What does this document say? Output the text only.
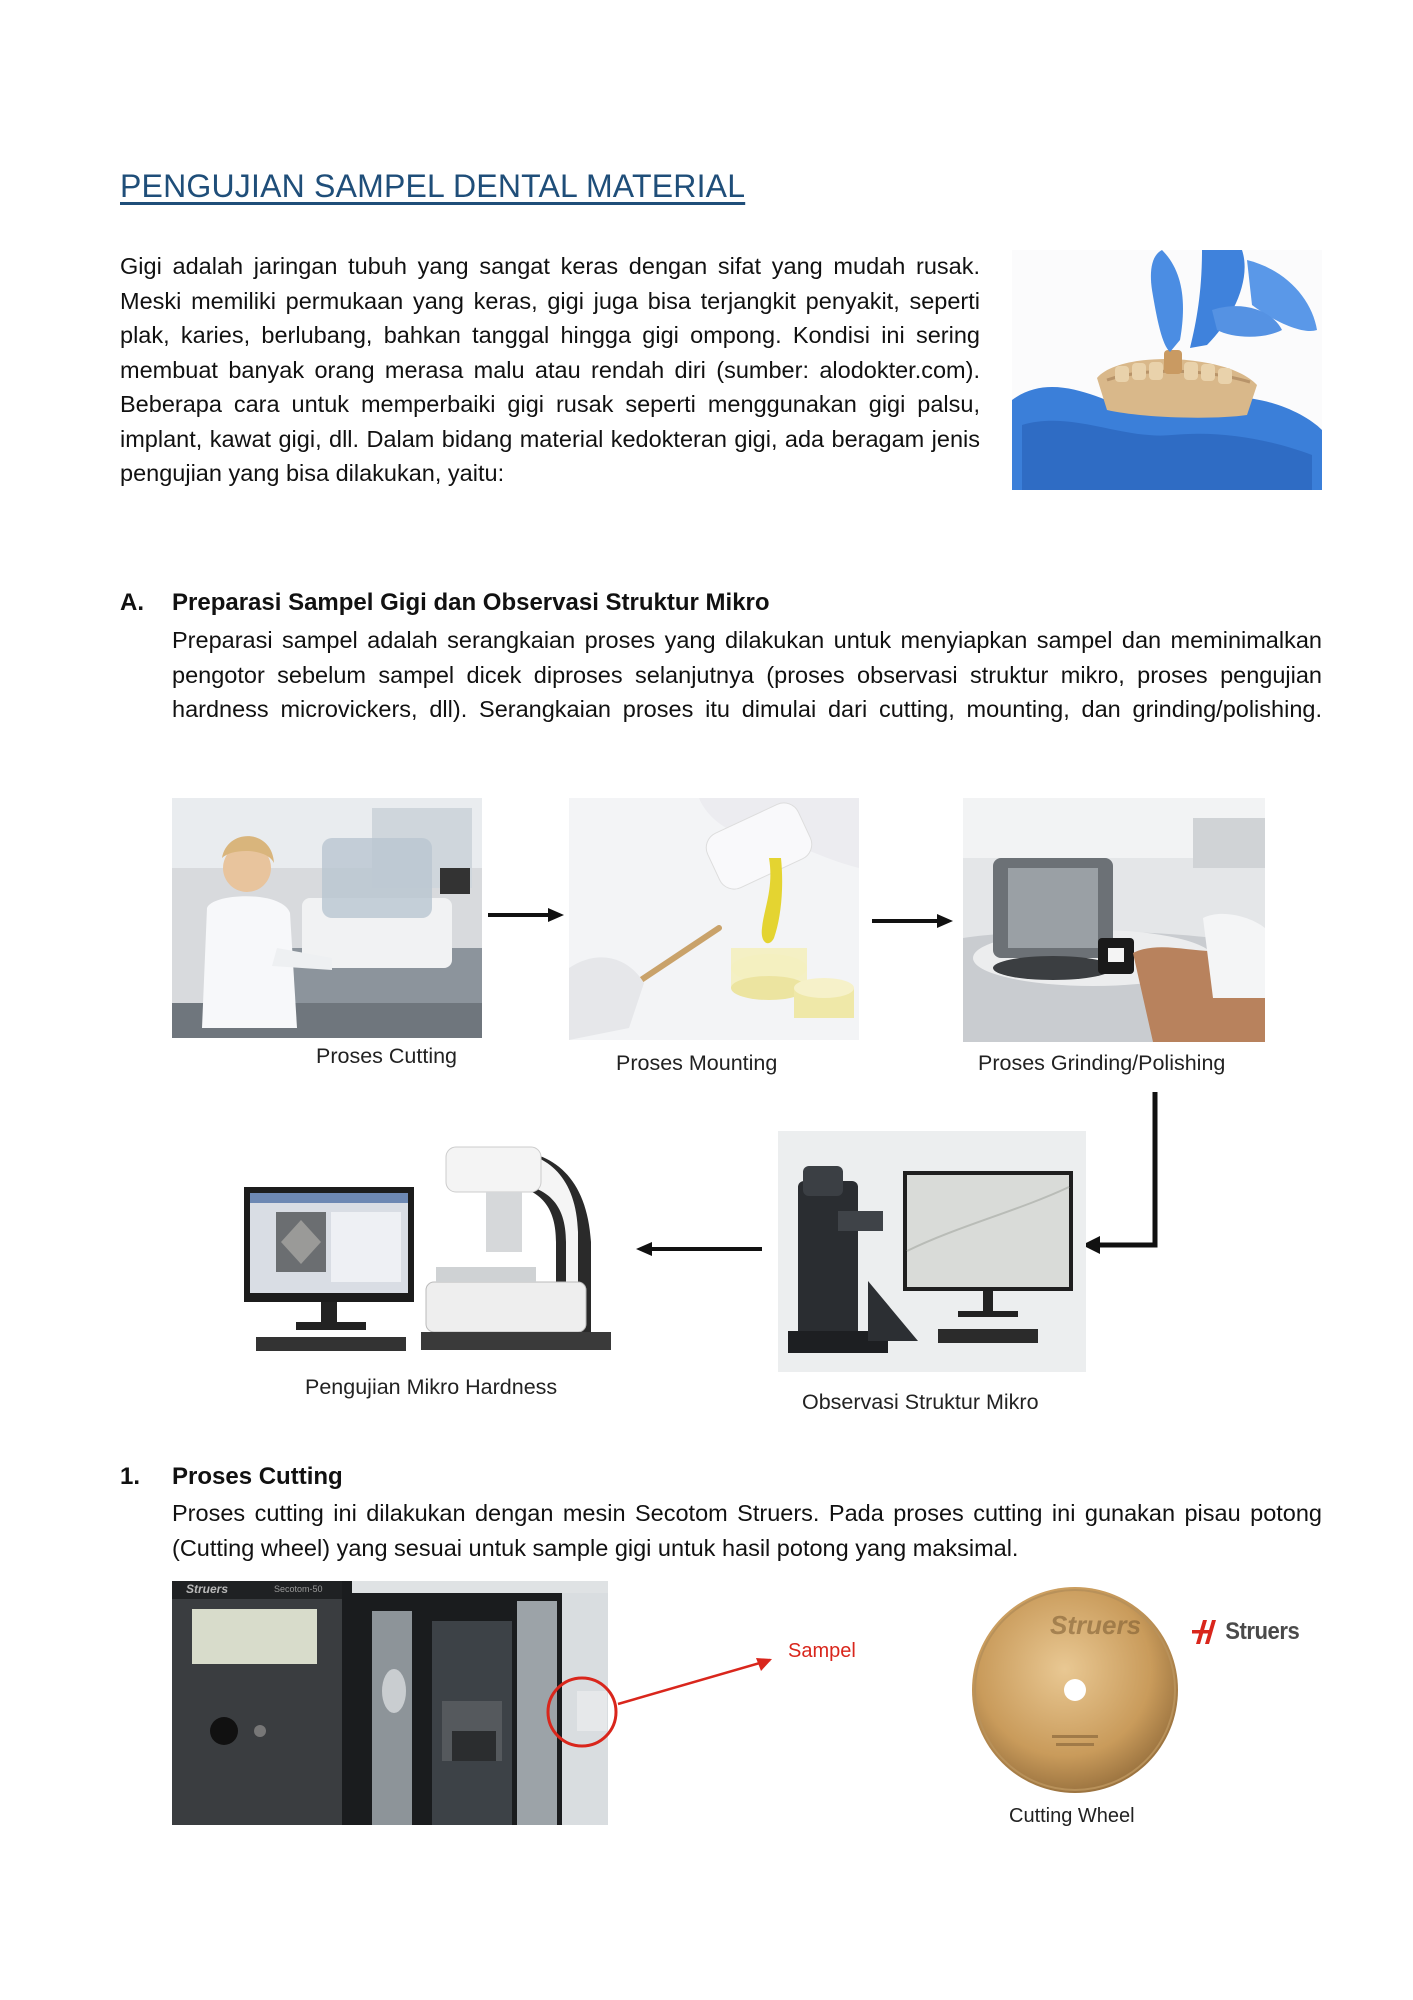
PENGUJIAN SAMPEL DENTAL MATERIAL

Gigi adalah jaringan tubuh yang sangat keras dengan sifat yang mudah rusak. Meski memiliki permukaan yang keras, gigi juga bisa terjangkit penyakit, seperti plak, karies, berlubang, bahkan tanggal hingga gigi ompong. Kondisi ini sering membuat banyak orang merasa malu atau rendah diri (sumber: alodokter.com). Beberapa cara untuk memperbaiki gigi rusak seperti menggunakan gigi palsu, implant, kawat gigi, dll. Dalam bidang material kedokteran gigi, ada beragam jenis pengujian yang bisa dilakukan, yaitu:

A. Preparasi Sampel Gigi dan Observasi Struktur Mikro

Preparasi sampel adalah serangkaian proses yang dilakukan untuk menyiapkan sampel dan meminimalkan pengotor sebelum sampel dicek diproses selanjutnya (proses observasi struktur mikro, proses pengujian hardness microvickers, dll). Serangkaian proses itu dimulai dari cutting, mounting, dan grinding/polishing.

Proses Cutting	Proses Mounting	Proses Grinding/Polishing
Pengujian Mikro Hardness
Observasi Struktur Mikro
1. Proses Cutting

Proses cutting ini dilakukan dengan mesin Secotom Struers. Pada proses cutting ini gunakan pisau potong (Cutting wheel) yang sesuai untuk sample gigi untuk hasil potong yang maksimal.

Struers	Secotom-50
Sampel
Struers	Struers
Cutting Wheel
